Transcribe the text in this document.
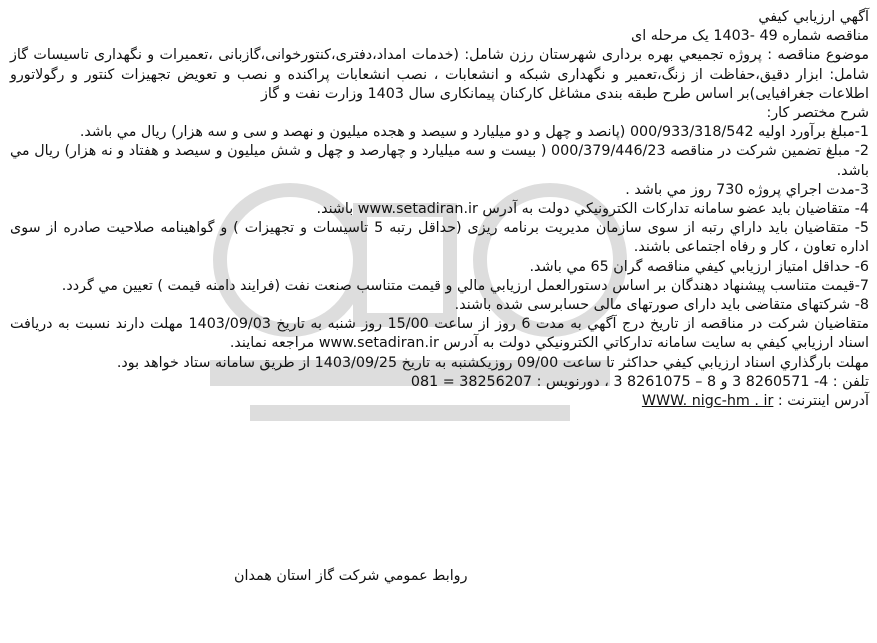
آگهي ارزيابي كيفي

مناقصه شماره 49 -1403 يک مرحله ای

موضوع مناقصه : پروژه تجميعي بهره برداری شهرستان رزن شامل: (خدمات امداد،دفتری،کنتورخوانی،گازبانی ،تعمیرات و نگهداری تاسیسات گاز شامل: ابزار دقیق،حفاظت از زنگ،تعمیر و نگهداری شبکه و انشعابات ، نصب انشعابات پراکنده و نصب و تعویض تجهیزات کنتور و رگولاتورو اطلاعات جغرافیایی)بر اساس طرح طبقه بندی مشاغل کارکنان پیمانکاری سال 1403 وزارت نفت و گاز

شرح مختصر كار:

1-مبلغ برآورد اوليه 000/933/318/542 (پانصد و چهل و دو میلیارد و سیصد و هجده میلیون و نهصد و سی و سه هزار) ريال مي باشد.

2- مبلغ تضمين شركت در مناقصه 000/379/446/23 ( بیست و سه میلیارد و چهارصد و چهل و شش میلیون و سیصد و هفتاد و نه هزار) ريال مي باشد.

3-مدت اجراي پروژه 730 روز مي باشد .

4- متقاضيان بايد عضو سامانه تداركات الكترونيكي دولت به آدرس www.setadiran.ir باشند.

5- متقاضيان بايد داراي رتبه از سوی سازمان مدیریت برنامه ریزی (حداقل رتبه 5 تاسیسات و تجهیزات ) و گواهينامه صلاحيت صادره از سوی اداره تعاون ، کار و رفاه اجتماعی باشند.

6- حداقل امتياز ارزيابي كيفي مناقصه گران 65 مي باشد.

7-قيمت متناسب پيشنهاد دهندگان بر اساس دستورالعمل ارزيابي مالي و قيمت متناسب صنعت نفت (فرايند دامنه قيمت ) تعيين مي گردد.

8- شرکتهای متقاضی باید دارای صورتهای مالی حسابرسی شده باشند.

متقاضيان شركت در مناقصه از تاريخ درج آگهي به مدت 6 روز از ساعت 15/00 روز شنبه به تاريخ 1403/09/03 مهلت دارند نسبت به دريافت اسناد ارزيابي كيفي به سايت سامانه تداركاتي الكترونيكي دولت به آدرس www.setadiran.ir مراجعه نمايند.

مهلت بارگذاري اسناد ارزيابي كيفي حداكثر تا ساعت 09/00 روزیکشنبه به تاريخ 1403/09/25 از طريق سامانه ستاد خواهد بود.

تلفن : 4- 8260571 3 و 8 – 8261075 3 ، دورنويس : 38256207 = 081

آدرس اينترنت : WWW. nigc-hm . ir

روابط عمومي شركت گاز استان همدان
